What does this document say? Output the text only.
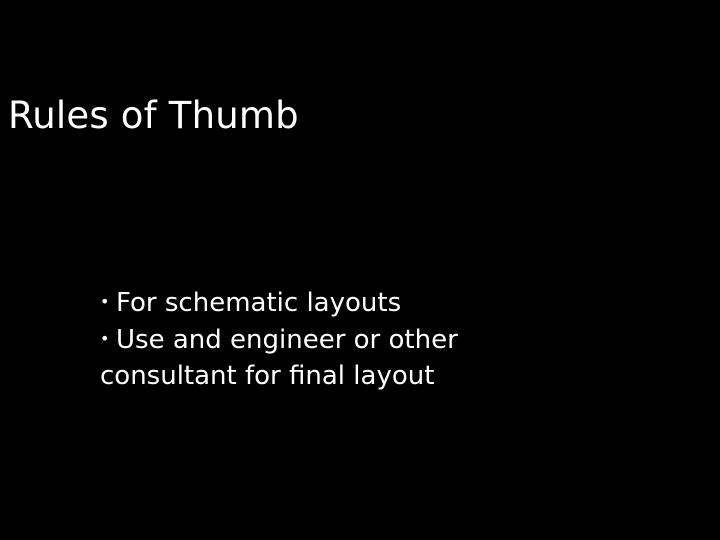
Rules of Thumb
• For schematic layouts
• Use and engineer or other consultant for final layout
